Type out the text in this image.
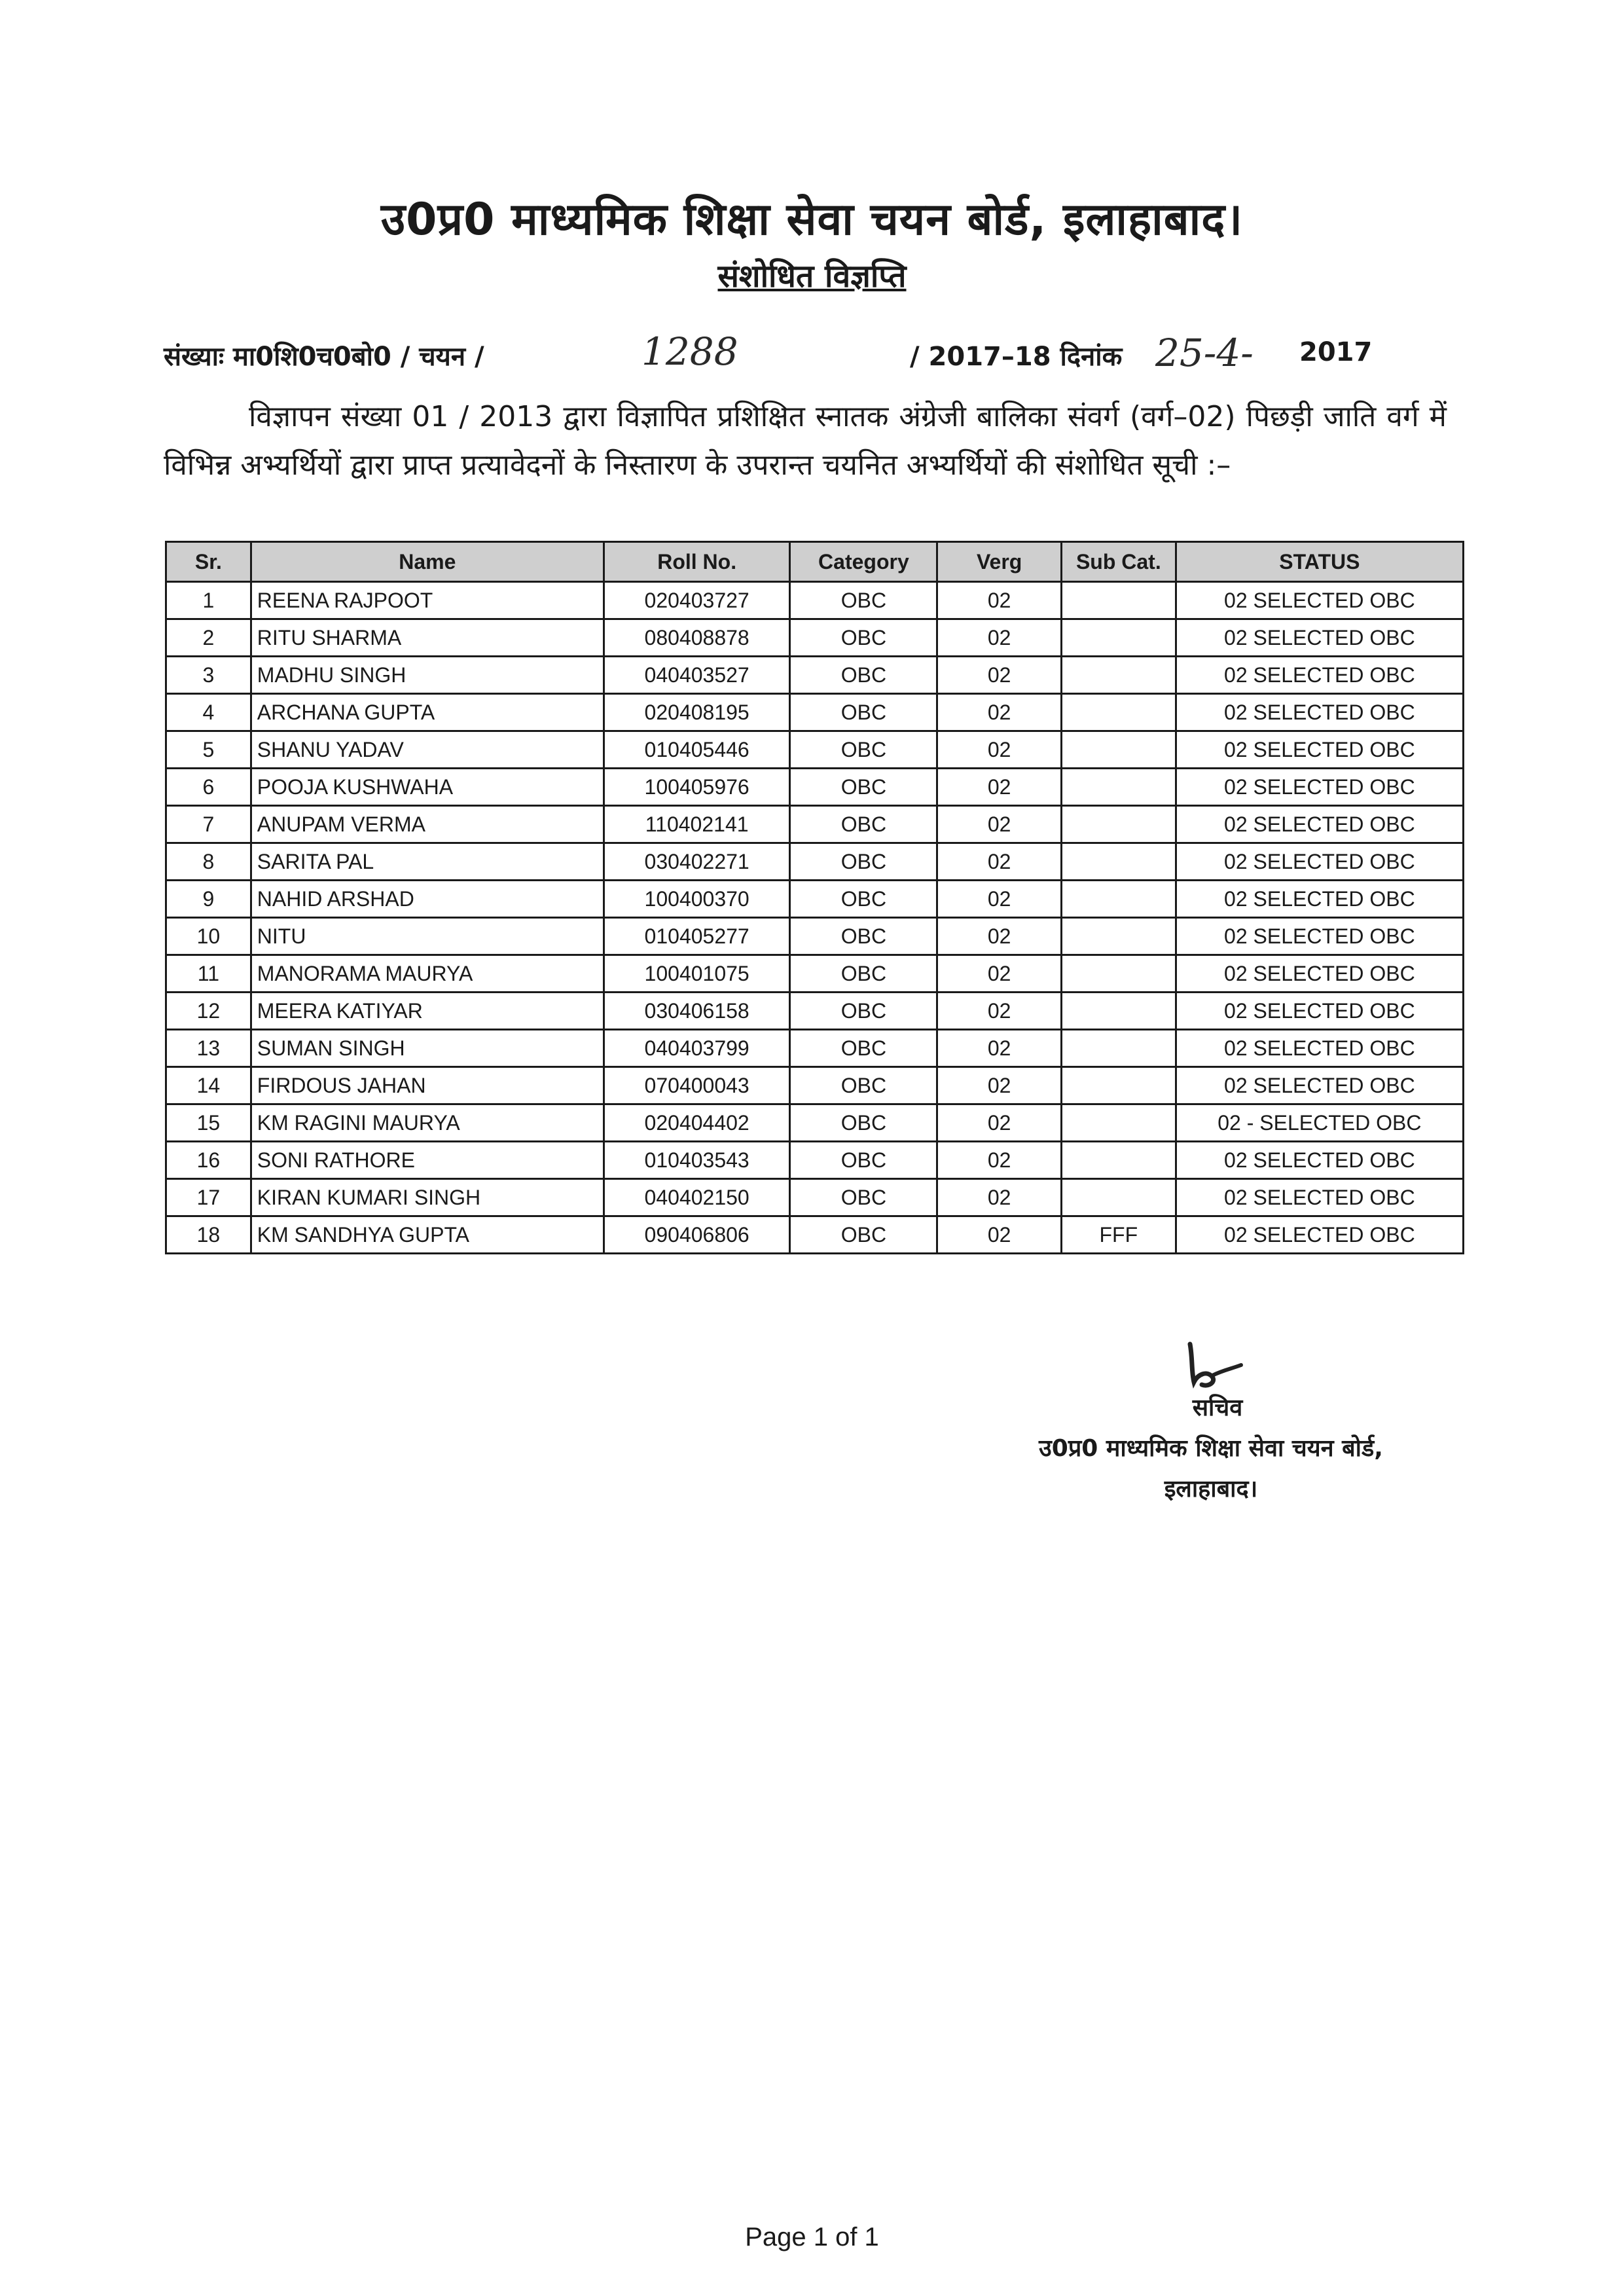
उ0प्र0 माध्यमिक शिक्षा सेवा चयन बोर्ड, इलाहाबाद।
संशोधित विज्ञप्ति
संख्याः मा0शि0च0बो0 / चयन /	1288	/ 2017–18 दिनांक 25-4- 2017
विज्ञापन संख्या 01 / 2013 द्वारा विज्ञापित प्रशिक्षित स्नातक अंग्रेजी बालिका संवर्ग (वर्ग–02) पिछड़ी जाति वर्ग में विभिन्न अभ्यर्थियों द्वारा प्राप्त प्रत्यावेदनों के निस्तारण के उपरान्त चयनित अभ्यर्थियों की संशोधित सूची :–
Sr.	Name	Roll No.	Category	Verg	Sub Cat.	STATUS
1	REENA RAJPOOT	020403727	OBC	02		02 SELECTED OBC
2	RITU SHARMA	080408878	OBC	02		02 SELECTED OBC
3	MADHU SINGH	040403527	OBC	02		02 SELECTED OBC
4	ARCHANA GUPTA	020408195	OBC	02		02 SELECTED OBC
5	SHANU YADAV	010405446	OBC	02		02 SELECTED OBC
6	POOJA KUSHWAHA	100405976	OBC	02		02 SELECTED OBC
7	ANUPAM VERMA	110402141	OBC	02		02 SELECTED OBC
8	SARITA PAL	030402271	OBC	02		02 SELECTED OBC
9	NAHID ARSHAD	100400370	OBC	02		02 SELECTED OBC
10	NITU	010405277	OBC	02		02 SELECTED OBC
11	MANORAMA MAURYA	100401075	OBC	02		02 SELECTED OBC
12	MEERA KATIYAR	030406158	OBC	02		02 SELECTED OBC
13	SUMAN SINGH	040403799	OBC	02		02 SELECTED OBC
14	FIRDOUS JAHAN	070400043	OBC	02		02 SELECTED OBC
15	KM RAGINI MAURYA	020404402	OBC	02		02 - SELECTED OBC
16	SONI RATHORE	010403543	OBC	02		02 SELECTED OBC
17	KIRAN KUMARI SINGH	040402150	OBC	02		02 SELECTED OBC
18	KM SANDHYA GUPTA	090406806	OBC	02	FFF	02 SELECTED OBC
सचिव
उ0प्र0 माध्यमिक शिक्षा सेवा चयन बोर्ड,
इलाहाबाद।
Page 1 of 1
